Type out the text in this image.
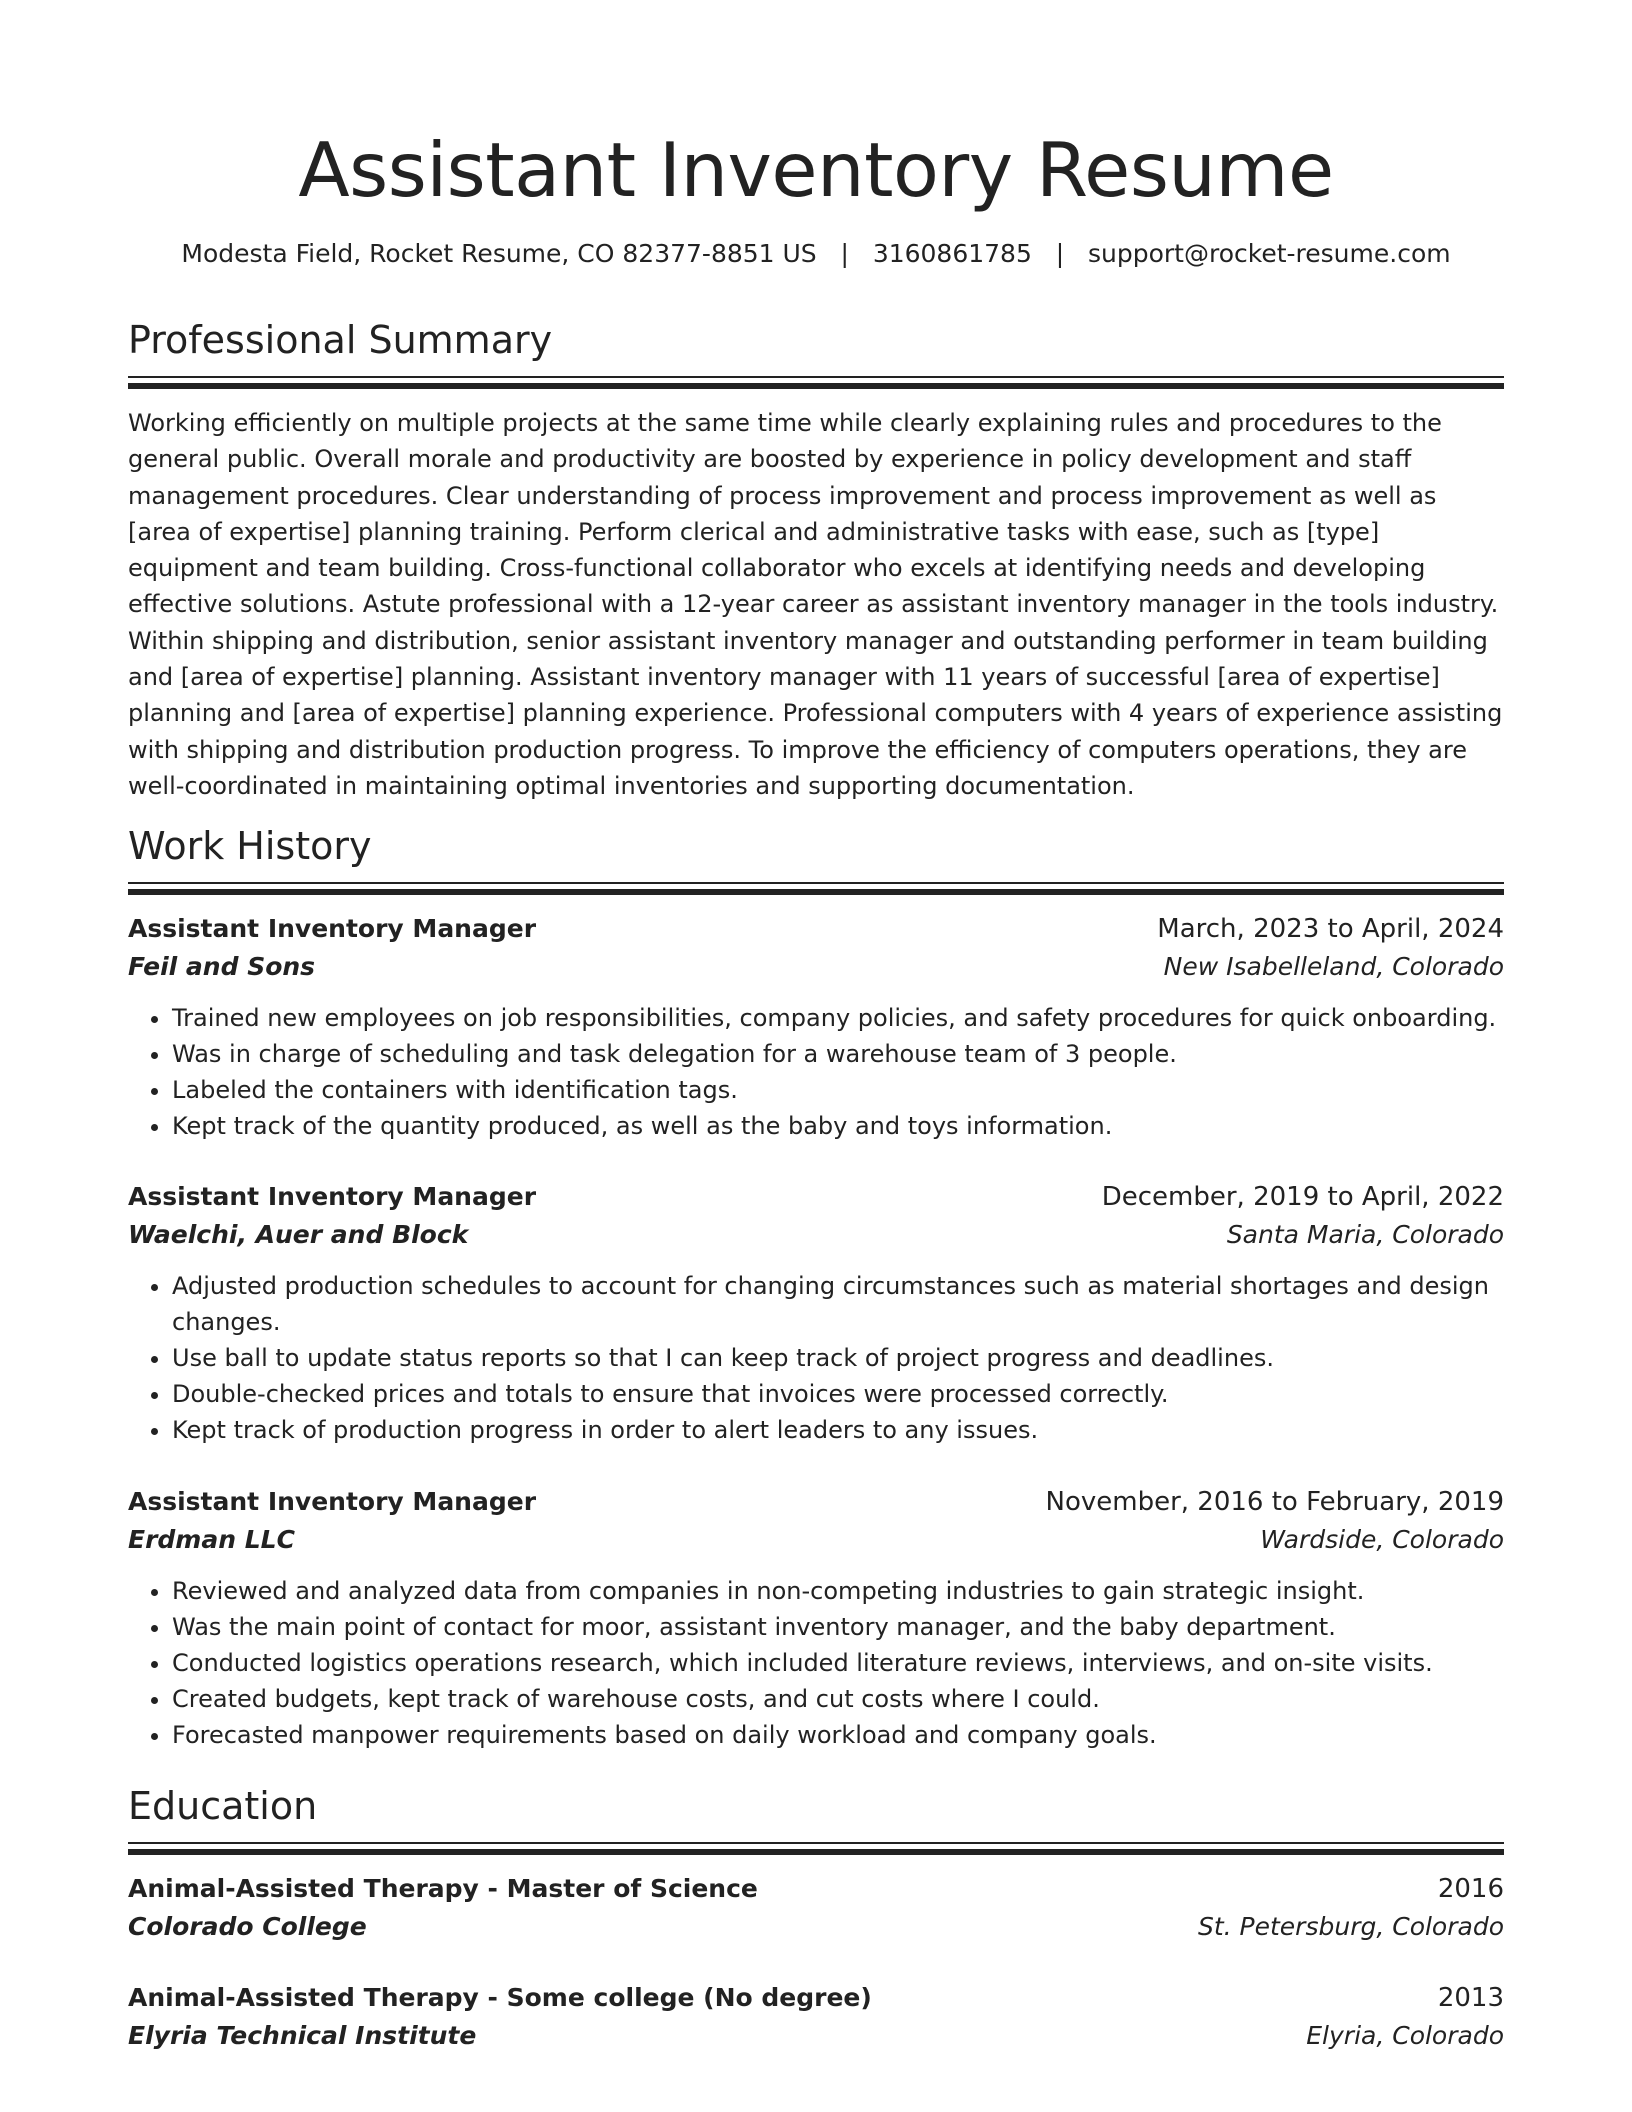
Assistant Inventory Resume
Modesta Field, Rocket Resume, CO 82377-8851 US | 3160861785 | support@rocket-resume.com
Professional Summary

Working efficiently on multiple projects at the same time while clearly explaining rules and procedures to the general public. Overall morale and productivity are boosted by experience in policy development and staff management procedures. Clear understanding of process improvement and process improvement as well as [area of expertise] planning training. Perform clerical and administrative tasks with ease, such as [type] equipment and team building. Cross-functional collaborator who excels at identifying needs and developing effective solutions. Astute professional with a 12-year career as assistant inventory manager in the tools industry. Within shipping and distribution, senior assistant inventory manager and outstanding performer in team building and [area of expertise] planning. Assistant inventory manager with 11 years of successful [area of expertise] planning and [area of expertise] planning experience. Professional computers with 4 years of experience assisting with shipping and distribution production progress. To improve the efficiency of computers operations, they are well-coordinated in maintaining optimal inventories and supporting documentation.

Work History
Assistant Inventory Manager	March, 2023 to April, 2024
Feil and Sons	New Isabelleland, Colorado
• Trained new employees on job responsibilities, company policies, and safety procedures for quick onboarding.
• Was in charge of scheduling and task delegation for a warehouse team of 3 people.
• Labeled the containers with identification tags.
• Kept track of the quantity produced, as well as the baby and toys information.
Assistant Inventory Manager	December, 2019 to April, 2022
Waelchi, Auer and Block	Santa Maria, Colorado
• Adjusted production schedules to account for changing circumstances such as material shortages and design changes.
• Use ball to update status reports so that I can keep track of project progress and deadlines.
• Double-checked prices and totals to ensure that invoices were processed correctly.
• Kept track of production progress in order to alert leaders to any issues.
Assistant Inventory Manager	November, 2016 to February, 2019
Erdman LLC	Wardside, Colorado
• Reviewed and analyzed data from companies in non-competing industries to gain strategic insight.
• Was the main point of contact for moor, assistant inventory manager, and the baby department.
• Conducted logistics operations research, which included literature reviews, interviews, and on-site visits.
• Created budgets, kept track of warehouse costs, and cut costs where I could.
• Forecasted manpower requirements based on daily workload and company goals.
Education
Animal-Assisted Therapy - Master of Science	2016
Colorado College	St. Petersburg, Colorado
Animal-Assisted Therapy - Some college (No degree)	2013
Elyria Technical Institute	Elyria, Colorado
